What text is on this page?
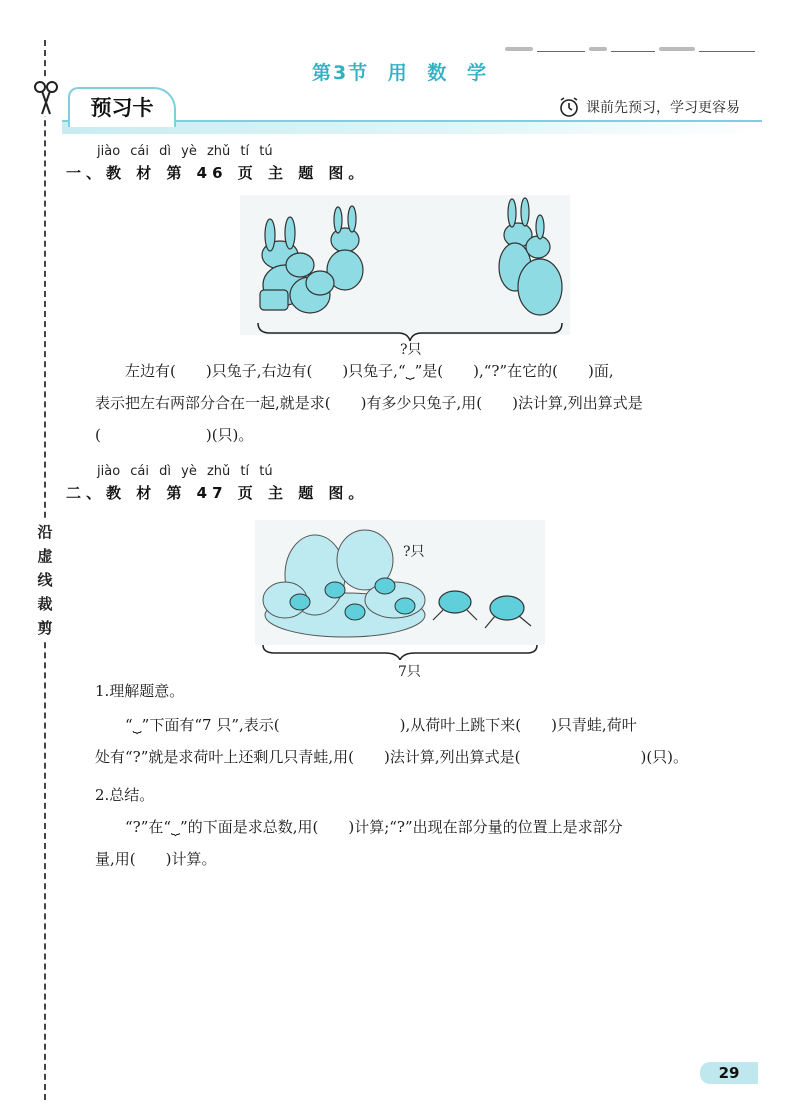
沿虚线裁剪
第3节 用 数 学
预习卡	课前先预习，学习更容易
jiào cái dì yè zhǔ tí tú
一、教 材 第 46 页 主 题 图。
?只

左边有(　　)只兔子,右边有(　　)只兔子,“⏟”是(　　),“?”在它的(　　)面,

表示把左右两部分合在一起,就是求(　　)有多少只兔子,用(　　)法计算,列出算式是

(　　　　　　　)(只)。

jiào cái dì yè zhǔ tí tú
二、教 材 第 47 页 主 题 图。
?只
7只
1.理解题意。

“⏟”下面有“7 只”,表示(　　　　　　　　),从荷叶上跳下来(　　)只青蛙,荷叶

处有“?”就是求荷叶上还剩几只青蛙,用(　　)法计算,列出算式是(　　　　　　　　)(只)。

2.总结。

“?”在“⏟”的下面是求总数,用(　　)计算;“?”出现在部分量的位置上是求部分

量,用(　　)计算。

29
